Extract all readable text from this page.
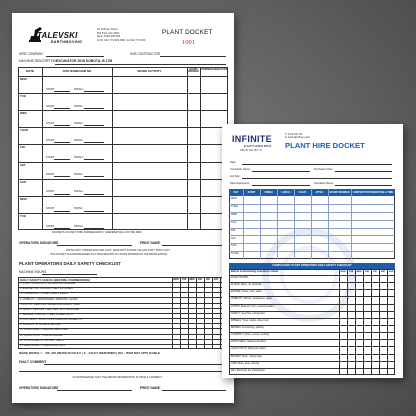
TALEVSKI
EARTHMOVING
29 Pelham Street
Mill Park VIC 3082
Mob: 0499 404 085
ACN: 622 773 909 ABN: 22 622 773 909
PLANT DOCKET
1001
HIRE COMPANY	SUB CONTRACTOR
MACHINE DESCRIPTION EXCAVATOR 2018 KUBOTA: B 17M
DATE	SITE NAME/JOB NO	WORK ACTIVITY	HOURS WORKED
FOREMAN SIGNATURE
MON
START	FINISH
TUE
START	FINISH
WED
START	FINISH
THUR
START	FINISH
FRI
START	FINISH
SAT
START	FINISH
SUN
START	FINISH
MON
START	FINISH
TUE
START	FINISH
DOCKETS FOUND TO BE SUBSEQUENTLY AMENDED WILL NOT BE PAID
OPERATORS SIGNATURE	PRINT NAME
WHITE COPY: SUPERVISOR PINK COPY: SEND WITH INVOICE YELLOW COPY: BOOK COPY
THIS DOCKET IS ACKNOWLEDGED AS A TRUE RECORD OF HOURS WORKED ON THE ABOVE DATE(S)
PLANT OPERATORS DAILY SAFETY CHECKLIST
MACHINE HOURS
DAILY SAFETY CHECK (BEFORE COMMENCING)	MON	TUE	WED	THU	FRI	SAT
1. PLANT CONDITION - NO OBVIOUS DAMAGE
2. ENGINE - OIL, COOLANT, BELTS & HOSES
3. HYDRAULICS - HOSES, RAMS, LEAKS
4. VISIBILITY - WINDSCREEN, MIRRORS, GLASS
5. LIGHTS - BEACONS, REVERSING ALARM, HORN
6. SAFETY DEVICES - SEAT BELT, EXTINGUISHER
7. BRAKES - TRACKS, TYRES, WHEEL NUTS
8. CONTROLS - FUNCTION & OPERATE CORRECTLY
9. GUARDS - IN PLACE & SECURE
10. WORK AREA - HAZARDS IDENTIFIED
11. QUICK HITCH - PINS & LOCKING
12. ATTACHMENTS - BUCKET, TEETH
13. ELECTRICAL - COMMUNICATIONS
MARK BOXES ✓ - OK, NO OBVIOUS FAULT | ✗ - FAULT IDENTIFIED | N/A - ITEM NOT APPLICABLE
FAULT COMMENT
I ACKNOWLEDGE THAT THE ABOVE INFORMATION IS TRUE & CORRECT
OPERATORS SIGNATURE	PRINT NAME
INFINITE
EARTHWORKS
ABN 81 192 480 747
P: 0413 000 111
E: admin@infinite.earth
PLANT HIRE DOCKET
Date:
Contractor Name:	Purchase Order:
Job Site:
Plant Equipment:	Operators Name:
DAY	START	FINISH	LUNCH	FLOAT	ATTAC	HOURS WORKED	CONTRACTOR SIGNATURE & TIME
MON
TUES
WED
THU
FRI
SAT
SUN
TOTAL
COMPULSORY PLANT OPERATORS DAILY SAFETY CHECKLIST
Before commencing operations check:	MON	TUE	WED	THU	FRI	SAT	SUN
PLANT HOURS:
FLUIDS: Water, oil, hydraulic
ENGINE: Hoses, belts, leaks
VISIBILITY: Mirrors, windscreen, glass
LIGHTS: Beacons, horn, reversing alarm
SAFETY: Seat belt, extinguisher
WHEELS: Tyres, tracks, wheel nuts
BRAKES: Functioning, parking
GUARDS: In place, secure, working
WORK AREA: Hazards identified
QUICK HITCH: Safety pins fitted
BUCKET: Teeth, cutting edge
CAB: Clean, seat, controls
KEY: Electrical, fire extinguisher
